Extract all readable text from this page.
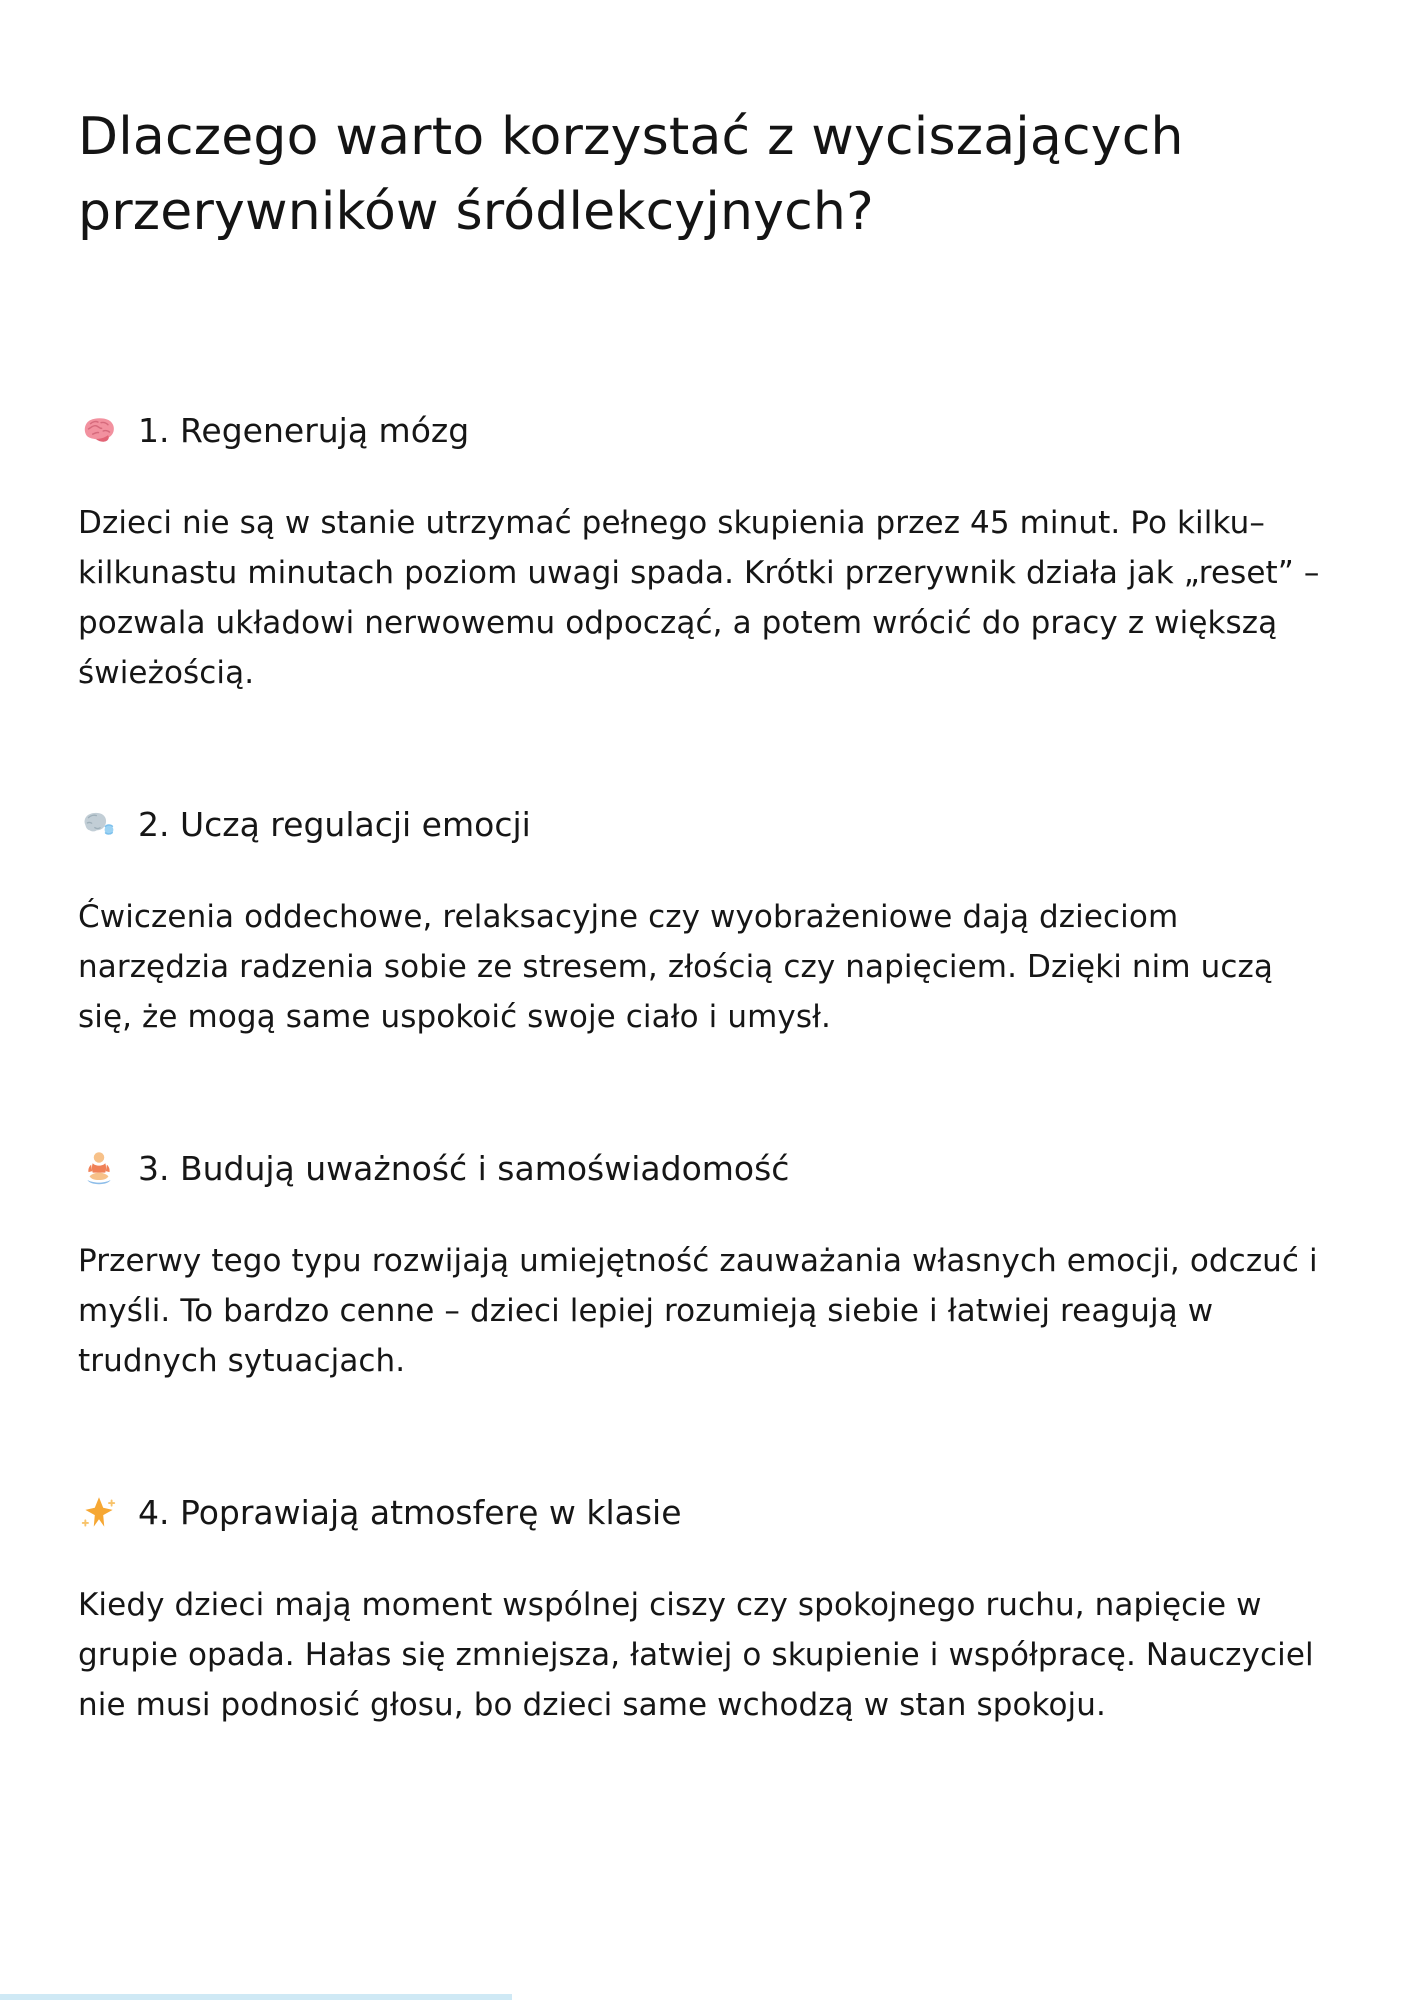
Dlaczego warto korzystać z wyciszających przerywników śródlekcyjnych?
1. Regenerują mózg

Dzieci nie są w stanie utrzymać pełnego skupienia przez 45 minut. Po kilku–kilkunastu minutach poziom uwagi spada. Krótki przerywnik działa jak „reset” – pozwala układowi nerwowemu odpocząć, a potem wrócić do pracy z większą świeżością.

2. Uczą regulacji emocji

Ćwiczenia oddechowe, relaksacyjne czy wyobrażeniowe dają dzieciom narzędzia radzenia sobie ze stresem, złością czy napięciem. Dzięki nim uczą się, że mogą same uspokoić swoje ciało i umysł.

3. Budują uważność i samoświadomość

Przerwy tego typu rozwijają umiejętność zauważania własnych emocji, odczuć i myśli. To bardzo cenne – dzieci lepiej rozumieją siebie i łatwiej reagują w trudnych sytuacjach.

4. Poprawiają atmosferę w klasie

Kiedy dzieci mają moment wspólnej ciszy czy spokojnego ruchu, napięcie w grupie opada. Hałas się zmniejsza, łatwiej o skupienie i współpracę. Nauczyciel nie musi podnosić głosu, bo dzieci same wchodzą w stan spokoju.
